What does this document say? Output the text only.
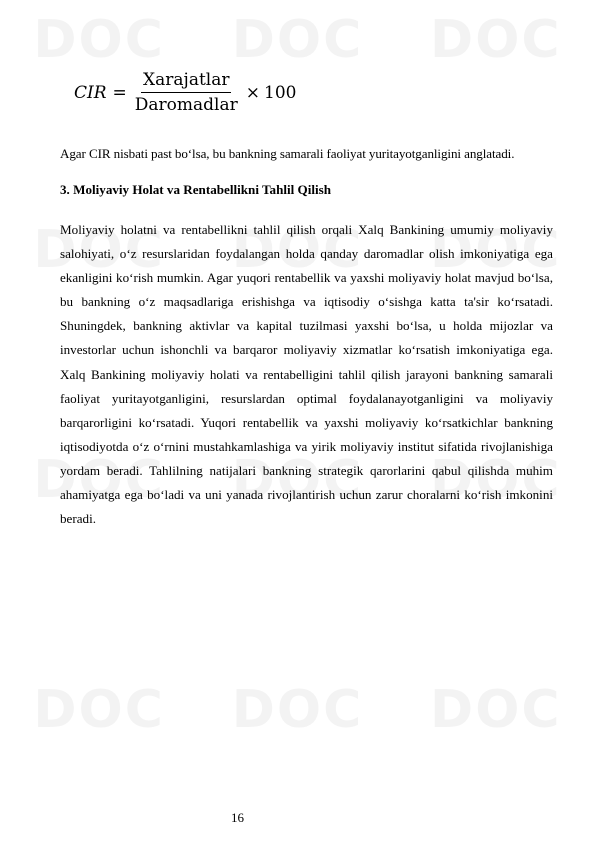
DOC DOC DOC
DOC DOC DOC
DOC DOC DOC
DOC DOC DOC
CIR = $\frac{\text{Xarajatlar}}{\text{Daromadlar}} \times 100$
Agar CIR nisbati past bo‘lsa, bu bankning samarali faoliyat yuritayotganligini anglatadi.
3. Moliyaviy Holat va Rentabellikni Tahlil Qilish
Moliyaviy holatni va rentabellikni tahlil qilish orqali Xalq Bankining umumiy moliyaviy salohiyati, o‘z resurslaridan foydalangan holda qanday daromadlar olish imkoniyatiga ega ekanligini ko‘rish mumkin. Agar yuqori rentabellik va yaxshi moliyaviy holat mavjud bo‘lsa, bu bankning o‘z maqsadlariga erishishga va iqtisodiy o‘sishga katta ta'sir ko‘rsatadi. Shuningdek, bankning aktivlar va kapital tuzilmasi yaxshi bo‘lsa, u holda mijozlar va investorlar uchun ishonchli va barqaror moliyaviy xizmatlar ko‘rsatish imkoniyatiga ega. Xalq Bankining moliyaviy holati va rentabelligini tahlil qilish jarayoni bankning samarali faoliyat yuritayotganligini, resurslardan optimal foydalanayotganligini va moliyaviy barqarorligini ko‘rsatadi. Yuqori rentabellik va yaxshi moliyaviy ko‘rsatkichlar bankning iqtisodiyotda o‘z o‘rnini mustahkamlashiga va yirik moliyaviy institut sifatida rivojlanishiga yordam beradi. Tahlilning natijalari bankning strategik qarorlarini qabul qilishda muhim ahamiyatga ega bo‘ladi va uni yanada rivojlantirish uchun zarur choralarni ko‘rish imkonini beradi.
16
